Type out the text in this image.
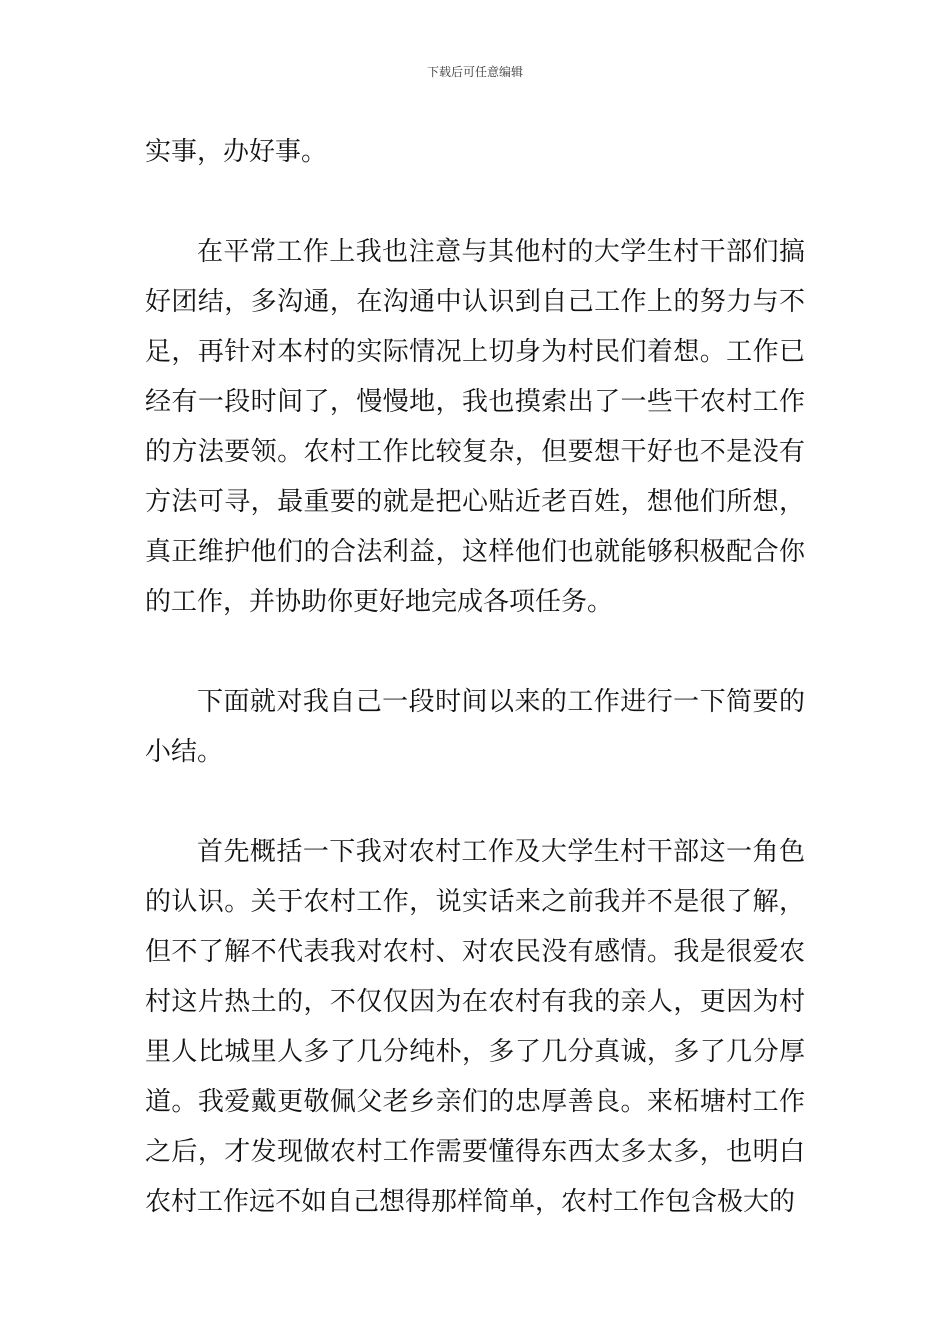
下载后可任意编辑

实事，办好事。

在平常工作上我也注意与其他村的大学生村干部们搞好团结，多沟通，在沟通中认识到自己工作上的努力与不足，再针对本村的实际情况上切身为村民们着想。工作已经有一段时间了，慢慢地，我也摸索出了一些干农村工作的方法要领。农村工作比较复杂，但要想干好也不是没有方法可寻，最重要的就是把心贴近老百姓，想他们所想，真正维护他们的合法利益，这样他们也就能够积极配合你的工作，并协助你更好地完成各项任务。

下面就对我自己一段时间以来的工作进行一下简要的小结。

首先概括一下我对农村工作及大学生村干部这一角色的认识。关于农村工作，说实话来之前我并不是很了解，但不了解不代表我对农村、对农民没有感情。我是很爱农村这片热土的，不仅仅因为在农村有我的亲人，更因为村里人比城里人多了几分纯朴，多了几分真诚，多了几分厚道。我爱戴更敬佩父老乡亲们的忠厚善良。来柘塘村工作之后，才发现做农村工作需要懂得东西太多太多，也明白农村工作远不如自己想得那样简单，农村工作包含极大的
